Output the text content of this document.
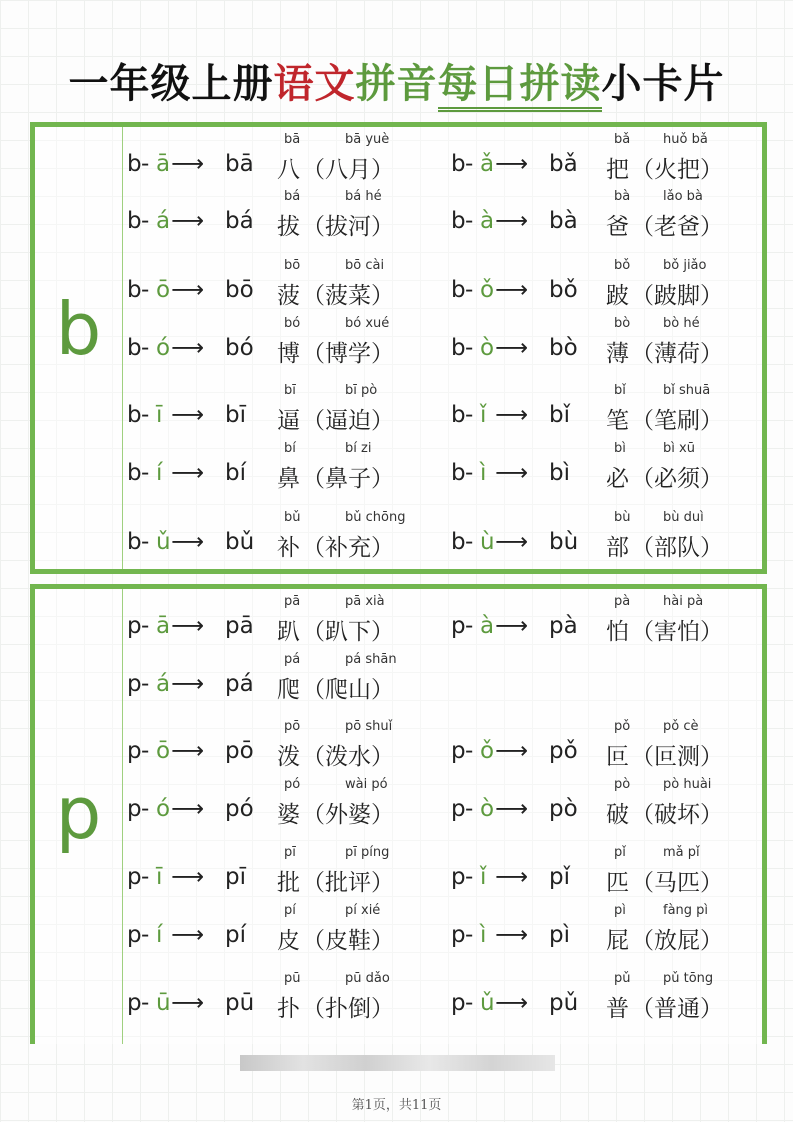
一年级上册语文拼音每日拼读小卡片
b
b - ā ⟶ bā
bā
八
bā yuè
（八月） b - ǎ ⟶ bǎ
bǎ
把
huǒ bǎ
（火把）
b - á ⟶ bá
bá
拔
bá hé
（拔河） b - à ⟶ bà
bà
爸
lǎo bà
（老爸）
b - ō ⟶ bō
bō
菠
bō cài
（菠菜） b - ǒ ⟶ bǒ
bǒ
跛
bǒ jiǎo
（跛脚）
b - ó ⟶ bó
bó
博
bó xué
（博学） b - ò ⟶ bò
bò
薄
bò hé
（薄荷）
b - ī ⟶ bī
bī
逼
bī pò
（逼迫） b - ǐ ⟶ bǐ
bǐ
笔
bǐ shuā
（笔刷）
b - í ⟶ bí
bí
鼻
bí zi
（鼻子） b - ì ⟶ bì
bì
必
bì xū
（必须）
b - ǔ ⟶ bǔ
bǔ
补
bǔ chōng
（补充） b - ù ⟶ bù
bù
部
bù duì
（部队）
p
p - ā ⟶ pā
pā
趴
pā xià
（趴下） p - à ⟶ pà
pà
怕
hài pà
（害怕）
p - á ⟶ pá
pá
爬
pá shān
（爬山）
p - ō ⟶ pō
pō
泼
pō shuǐ
（泼水） p - ǒ ⟶ pǒ
pǒ
叵
pǒ cè
（叵测）
p - ó ⟶ pó
pó
婆
wài pó
（外婆） p - ò ⟶ pò
pò
破
pò huài
（破坏）
p - ī ⟶ pī
pī
批
pī píng
（批评） p - ǐ ⟶ pǐ
pǐ
匹
mǎ pǐ
（马匹）
p - í ⟶ pí
pí
皮
pí xié
（皮鞋） p - ì ⟶ pì
pì
屁
fàng pì
（放屁）
p - ū ⟶ pū
pū
扑
pū dǎo
（扑倒） p - ǔ ⟶ pǔ
pǔ
普
pǔ tōng
（普通）
第1页，共11页
